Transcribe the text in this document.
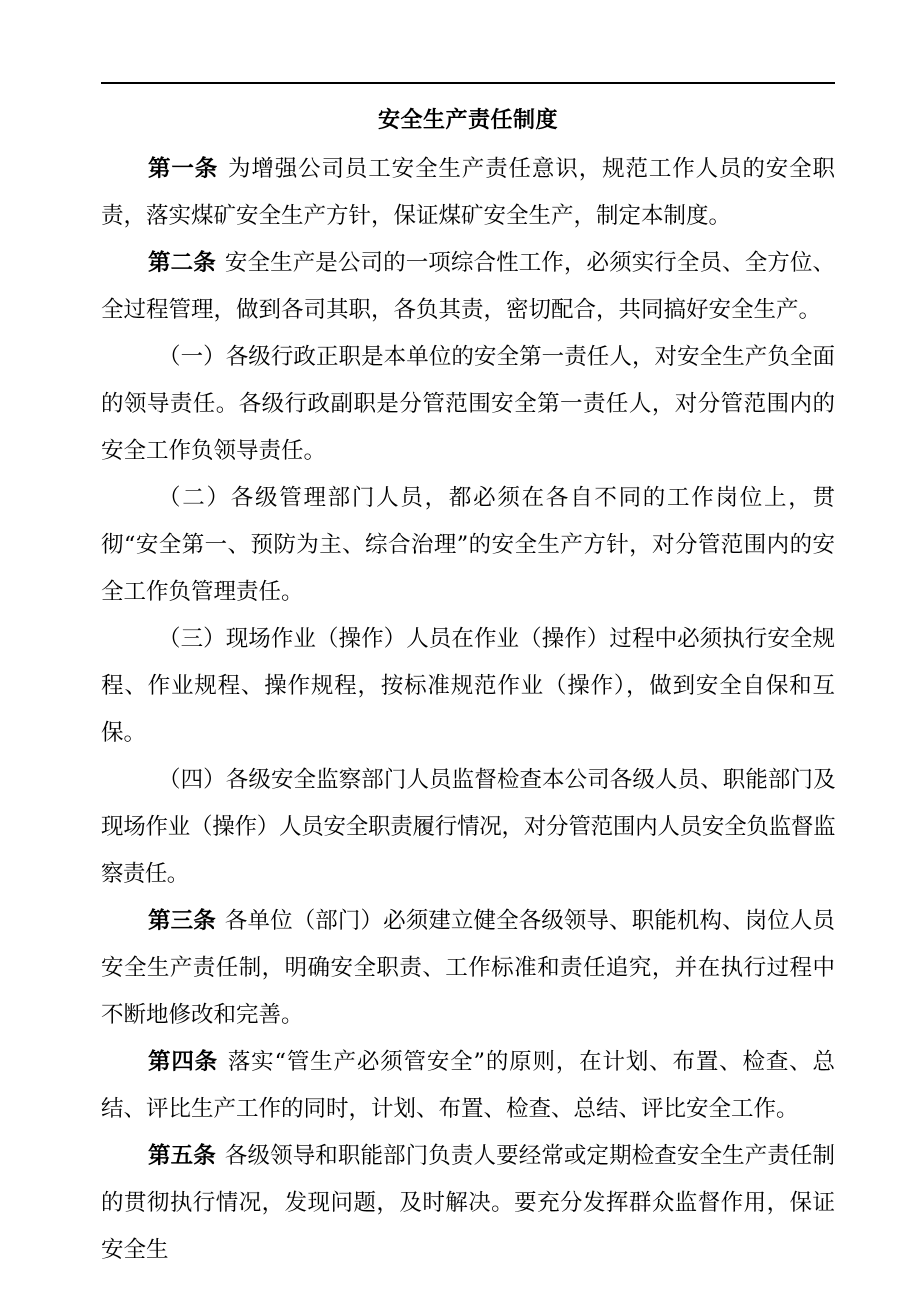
安全生产责任制度

第一条 为增强公司员工安全生产责任意识，规范工作人员的安全职责，落实煤矿安全生产方针，保证煤矿安全生产，制定本制度。

第二条 安全生产是公司的一项综合性工作，必须实行全员、全方位、全过程管理，做到各司其职，各负其责，密切配合，共同搞好安全生产。

（一）各级行政正职是本单位的安全第一责任人，对安全生产负全面的领导责任。各级行政副职是分管范围安全第一责任人，对分管范围内的安全工作负领导责任。

（二）各级管理部门人员，都必须在各自不同的工作岗位上，贯彻“安全第一、预防为主、综合治理”的安全生产方针，对分管范围内的安全工作负管理责任。

（三）现场作业（操作）人员在作业（操作）过程中必须执行安全规程、作业规程、操作规程，按标准规范作业（操作），做到安全自保和互保。

（四）各级安全监察部门人员监督检查本公司各级人员、职能部门及现场作业（操作）人员安全职责履行情况，对分管范围内人员安全负监督监察责任。

第三条 各单位（部门）必须建立健全各级领导、职能机构、岗位人员安全生产责任制，明确安全职责、工作标准和责任追究，并在执行过程中不断地修改和完善。

第四条 落实“管生产必须管安全”的原则，在计划、布置、检查、总结、评比生产工作的同时，计划、布置、检查、总结、评比安全工作。

第五条 各级领导和职能部门负责人要经常或定期检查安全生产责任制的贯彻执行情况，发现问题，及时解决。要充分发挥群众监督作用，保证安全生
